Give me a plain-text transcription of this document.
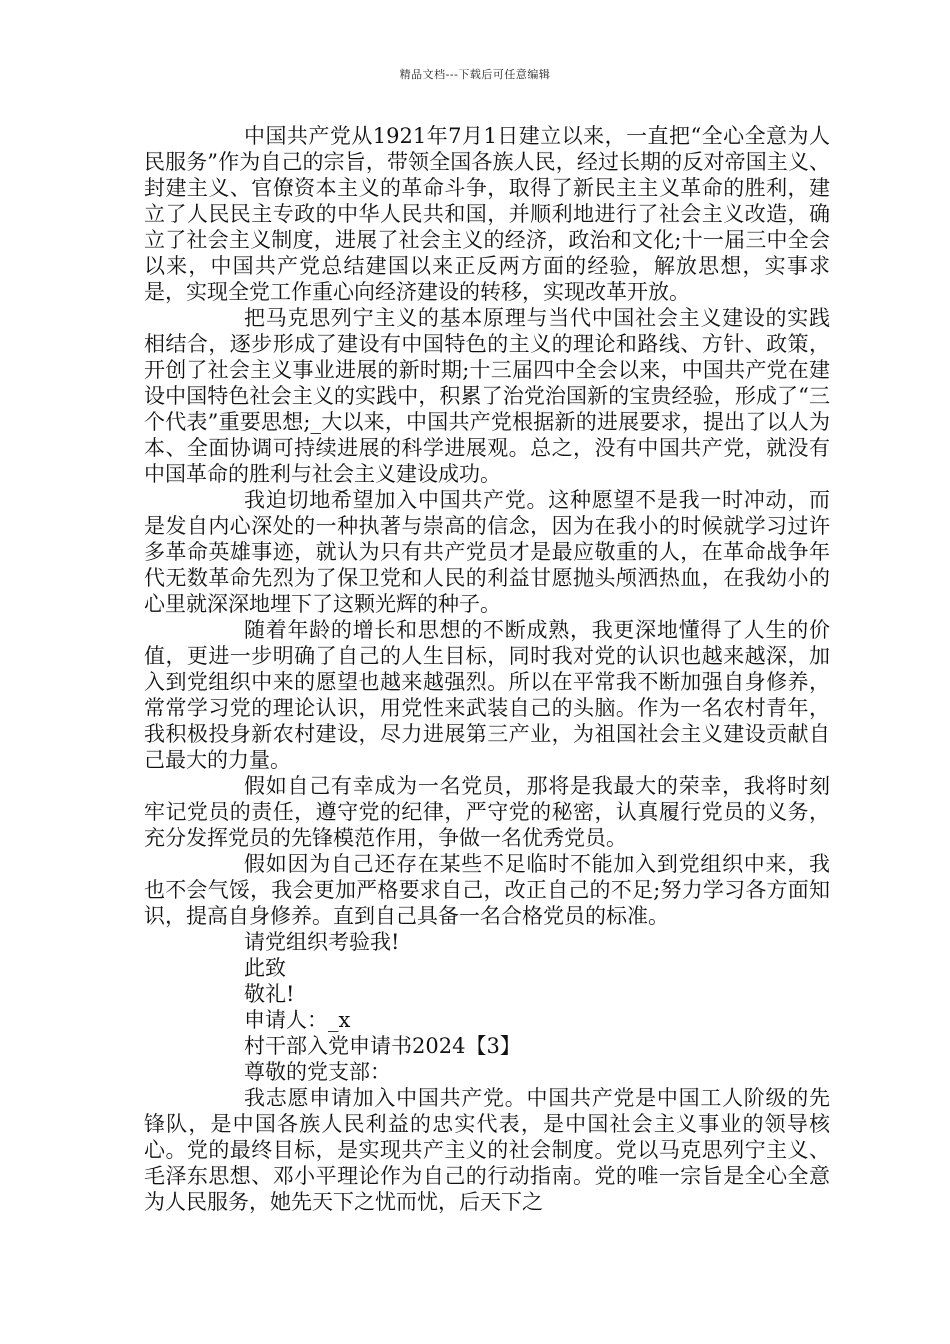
精品文档---下载后可任意编辑

中国共产党从1921年7月1日建立以来，一直把“全心全意为人民服务”作为自己的宗旨，带领全国各族人民，经过长期的反对帝国主义、封建主义、官僚资本主义的革命斗争，取得了新民主主义革命的胜利，建立了人民民主专政的中华人民共和国，并顺利地进行了社会主义改造，确立了社会主义制度，进展了社会主义的经济，政治和文化;十一届三中全会以来，中国共产党总结建国以来正反两方面的经验，解放思想，实事求是，实现全党工作重心向经济建设的转移，实现改革开放。

把马克思列宁主义的基本原理与当代中国社会主义建设的实践相结合，逐步形成了建设有中国特色的主义的理论和路线、方针、政策，开创了社会主义事业进展的新时期;十三届四中全会以来，中国共产党在建设中国特色社会主义的实践中，积累了治党治国新的宝贵经验，形成了“三个代表”重要思想;_大以来，中国共产党根据新的进展要求，提出了以人为本、全面协调可持续进展的科学进展观。总之，没有中国共产党，就没有中国革命的胜利与社会主义建设成功。

我迫切地希望加入中国共产党。这种愿望不是我一时冲动，而是发自内心深处的一种执著与崇高的信念，因为在我小的时候就学习过许多革命英雄事迹，就认为只有共产党员才是最应敬重的人，在革命战争年代无数革命先烈为了保卫党和人民的利益甘愿抛头颅洒热血，在我幼小的心里就深深地埋下了这颗光辉的种子。

随着年龄的增长和思想的不断成熟，我更深地懂得了人生的价值，更进一步明确了自己的人生目标，同时我对党的认识也越来越深，加入到党组织中来的愿望也越来越强烈。所以在平常我不断加强自身修养，常常学习党的理论认识，用党性来武装自己的头脑。作为一名农村青年，我积极投身新农村建设，尽力进展第三产业，为祖国社会主义建设贡献自己最大的力量。

假如自己有幸成为一名党员，那将是我最大的荣幸，我将时刻牢记党员的责任，遵守党的纪律，严守党的秘密，认真履行党员的义务，充分发挥党员的先锋模范作用，争做一名优秀党员。

假如因为自己还存在某些不足临时不能加入到党组织中来，我也不会气馁，我会更加严格要求自己，改正自己的不足;努力学习各方面知识，提高自身修养。直到自己具备一名合格党员的标准。

请党组织考验我!

此致

敬礼!

申请人：_x

村干部入党申请书2024【3】

尊敬的党支部：

我志愿申请加入中国共产党。中国共产党是中国工人阶级的先锋队，是中国各族人民利益的忠实代表，是中国社会主义事业的领导核心。党的最终目标，是实现共产主义的社会制度。党以马克思列宁主义、毛泽东思想、邓小平理论作为自己的行动指南。党的唯一宗旨是全心全意为人民服务，她先天下之忧而忧，后天下之
